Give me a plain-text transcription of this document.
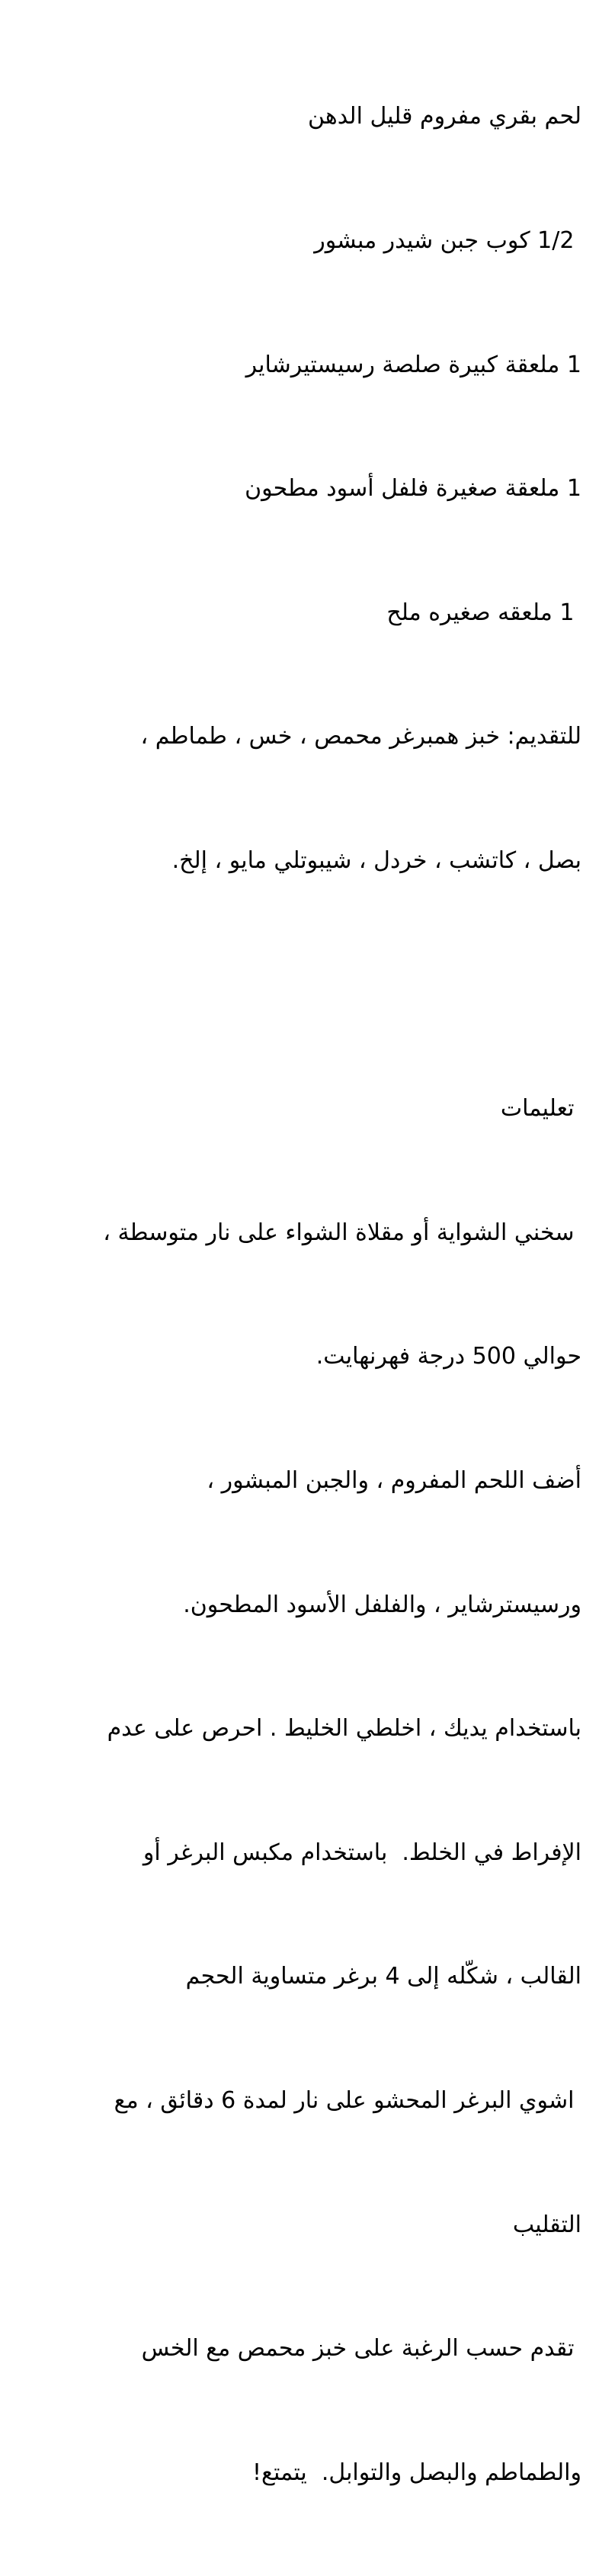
لحم بقري مفروم قليل الدهن

1/2 كوب جبن شيدر مبشور

1 ملعقة كبيرة صلصة رسيستيرشاير

1 ملعقة صغيرة فلفل أسود مطحون

1 ملعقه صغيره ملح

للتقديم: خبز همبرغر محمص ، خس ، طماطم ،

بصل ، كاتشب ، خردل ، شيبوتلي مايو ، إلخ.

تعليمات

سخني الشواية أو مقلاة الشواء على نار متوسطة ،

حوالي 500 درجة فهرنهايت.

أضف اللحم المفروم ، والجبن المبشور ،

ورسيسترشاير ، والفلفل الأسود المطحون.

باستخدام يديك ، اخلطي الخليط . احرص على عدم

الإفراط في الخلط.  باستخدام مكبس البرغر أو

القالب ، شكّله إلى 4 برغر متساوية الحجم

اشوي البرغر المحشو على نار لمدة 6 دقائق ، مع

التقليب

تقدم حسب الرغبة على خبز محمص مع الخس

والطماطم والبصل والتوابل.  يتمتع!
